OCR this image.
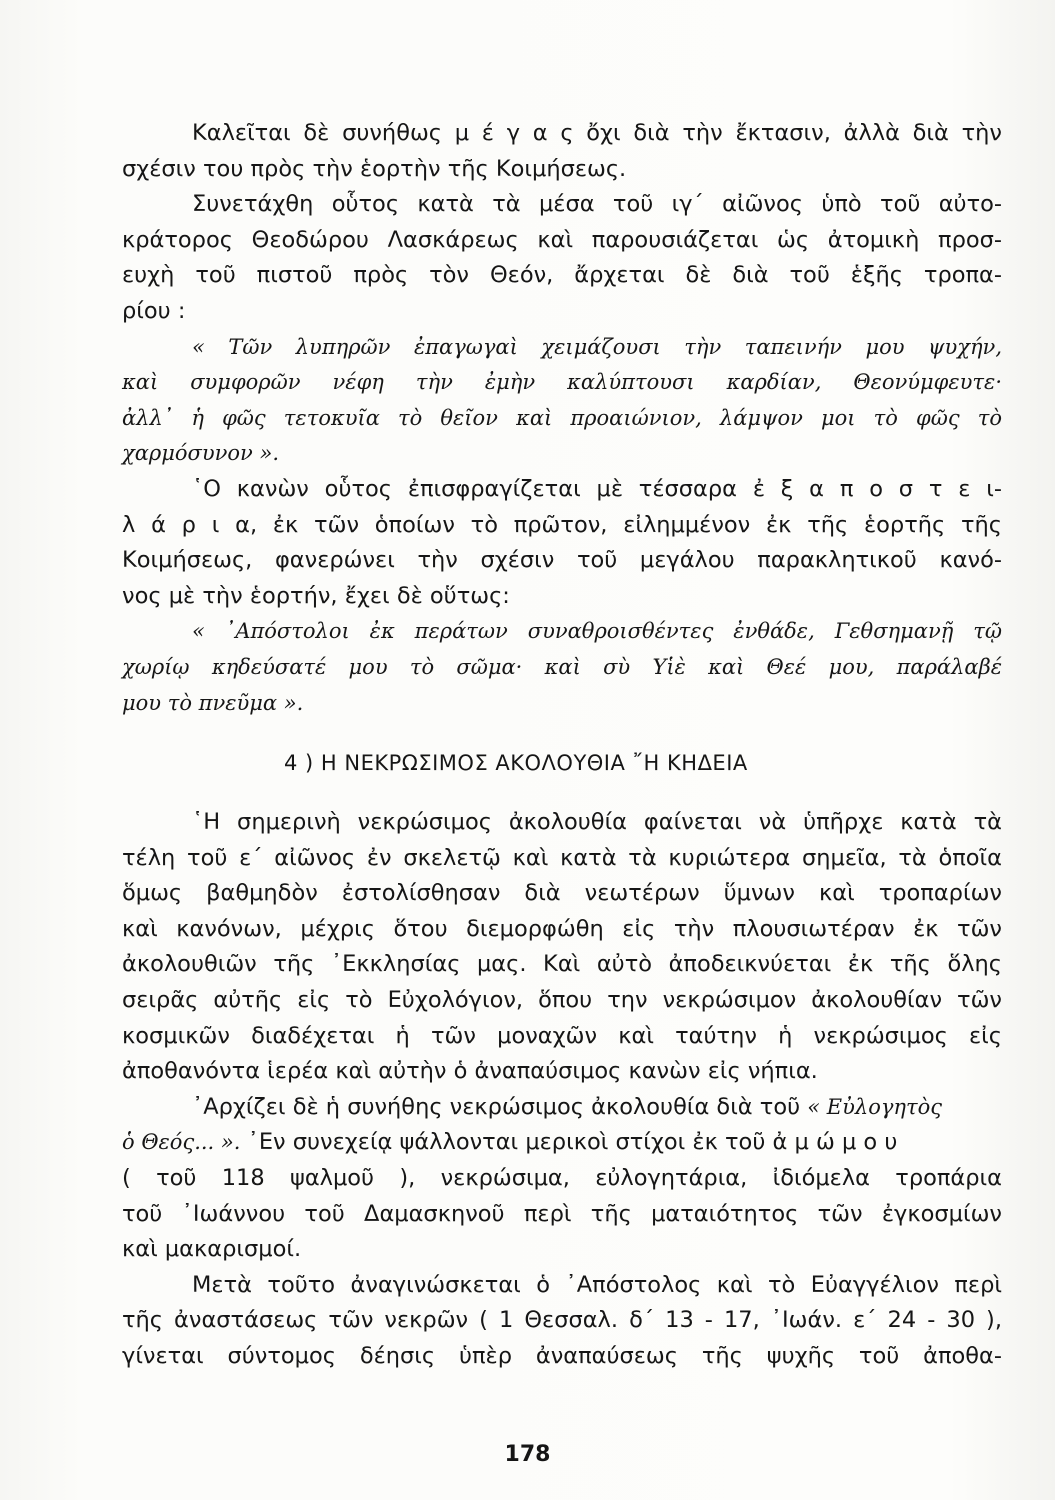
Καλεῖται δὲ συνήθως μ έ γ α ς ὄχι διὰ τὴν ἔκτασιν, ἀλλὰ διὰ τὴν
σχέσιν του πρὸς τὴν ἑορτὴν τῆς Κοιμήσεως.
Συνετάχθη οὗτος κατὰ τὰ μέσα τοῦ ιγ΄ αἰῶνος ὑπὸ τοῦ αὐτο-
κράτορος Θεοδώρου Λασκάρεως καὶ παρουσιάζεται ὡς ἀτομικὴ προσ-
ευχὴ τοῦ πιστοῦ πρὸς τὸν Θεόν, ἄρχεται δὲ διὰ τοῦ ἑξῆς τροπα-
ρίου :
« Τῶν λυπηρῶν ἐπαγωγαὶ χειμάζουσι τὴν ταπεινήν μου ψυχήν,
καὶ συμφορῶν νέφη τὴν ἐμὴν καλύπτουσι καρδίαν, Θεονύμφευτε·
ἀλλ᾽ ἡ φῶς τετοκυῖα τὸ θεῖον καὶ προαιώνιον, λάμψον μοι τὸ φῶς τὸ
χαρμόσυνον ».
῾Ο κανὼν οὗτος ἐπισφραγίζεται μὲ τέσσαρα ἐ ξ α π ο σ τ ε ι-
λ ά ρ ι α, ἐκ τῶν ὁποίων τὸ πρῶτον, εἰλημμένον ἐκ τῆς ἑορτῆς τῆς
Κοιμήσεως, φανερώνει τὴν σχέσιν τοῦ μεγάλου παρακλητικοῦ κανό-
νος μὲ τὴν ἑορτήν, ἔχει δὲ οὕτως:
« ᾽Απόστολοι ἐκ περάτων συναθροισθέντες ἐνθάδε, Γεθσημανῇ τῷ
χωρίῳ κηδεύσατέ μου τὸ σῶμα· καὶ σὺ Υἱὲ καὶ Θεέ μου, παράλαβέ
μου τὸ πνεῦμα ».
4 ) Η ΝΕΚΡΩΣΙΜΟΣ ΑΚΟΛΟΥΘΙΑ ῎Η ΚΗΔΕΙΑ
῾Η σημερινὴ νεκρώσιμος ἀκολουθία φαίνεται νὰ ὑπῆρχε κατὰ τὰ
τέλη τοῦ ε΄ αἰῶνος ἐν σκελετῷ καὶ κατὰ τὰ κυριώτερα σημεῖα, τὰ ὁποῖα
ὅμως βαθμηδὸν ἐστολίσθησαν διὰ νεωτέρων ὕμνων καὶ τροπαρίων
καὶ κανόνων, μέχρις ὅτου διεμορφώθη εἰς τὴν πλουσιωτέραν ἐκ τῶν
ἀκολουθιῶν τῆς ᾽Εκκλησίας μας. Καὶ αὐτὸ ἀποδεικνύεται ἐκ τῆς ὅλης
σειρᾶς αὐτῆς εἰς τὸ Εὐχολόγιον, ὅπου την νεκρώσιμον ἀκολουθίαν τῶν
κοσμικῶν διαδέχεται ἡ τῶν μοναχῶν καὶ ταύτην ἡ νεκρώσιμος εἰς
ἀποθανόντα ἱερέα καὶ αὐτὴν ὁ ἀναπαύσιμος κανὼν εἰς νήπια.
᾽Αρχίζει δὲ ἡ συνήθης νεκρώσιμος ἀκολουθία διὰ τοῦ « Εὐλογητὸς
ὁ Θεός... ». ᾽Εν συνεχείᾳ ψάλλονται μερικοὶ στίχοι ἐκ τοῦ ἀ μ ώ μ ο υ
( τοῦ 118 ψαλμοῦ ), νεκρώσιμα, εὐλογητάρια, ἰδιόμελα τροπάρια
τοῦ ᾽Ιωάννου τοῦ Δαμασκηνοῦ περὶ τῆς ματαιότητος τῶν ἐγκοσμίων
καὶ μακαρισμοί.
Μετὰ τοῦτο ἀναγινώσκεται ὁ ᾽Απόστολος καὶ τὸ Εὐαγγέλιον περὶ
τῆς ἀναστάσεως τῶν νεκρῶν ( 1 Θεσσαλ. δ΄ 13 - 17, ᾽Ιωάν. ε΄ 24 - 30 ),
γίνεται σύντομος δέησις ὑπὲρ ἀναπαύσεως τῆς ψυχῆς τοῦ ἀποθα-
178
